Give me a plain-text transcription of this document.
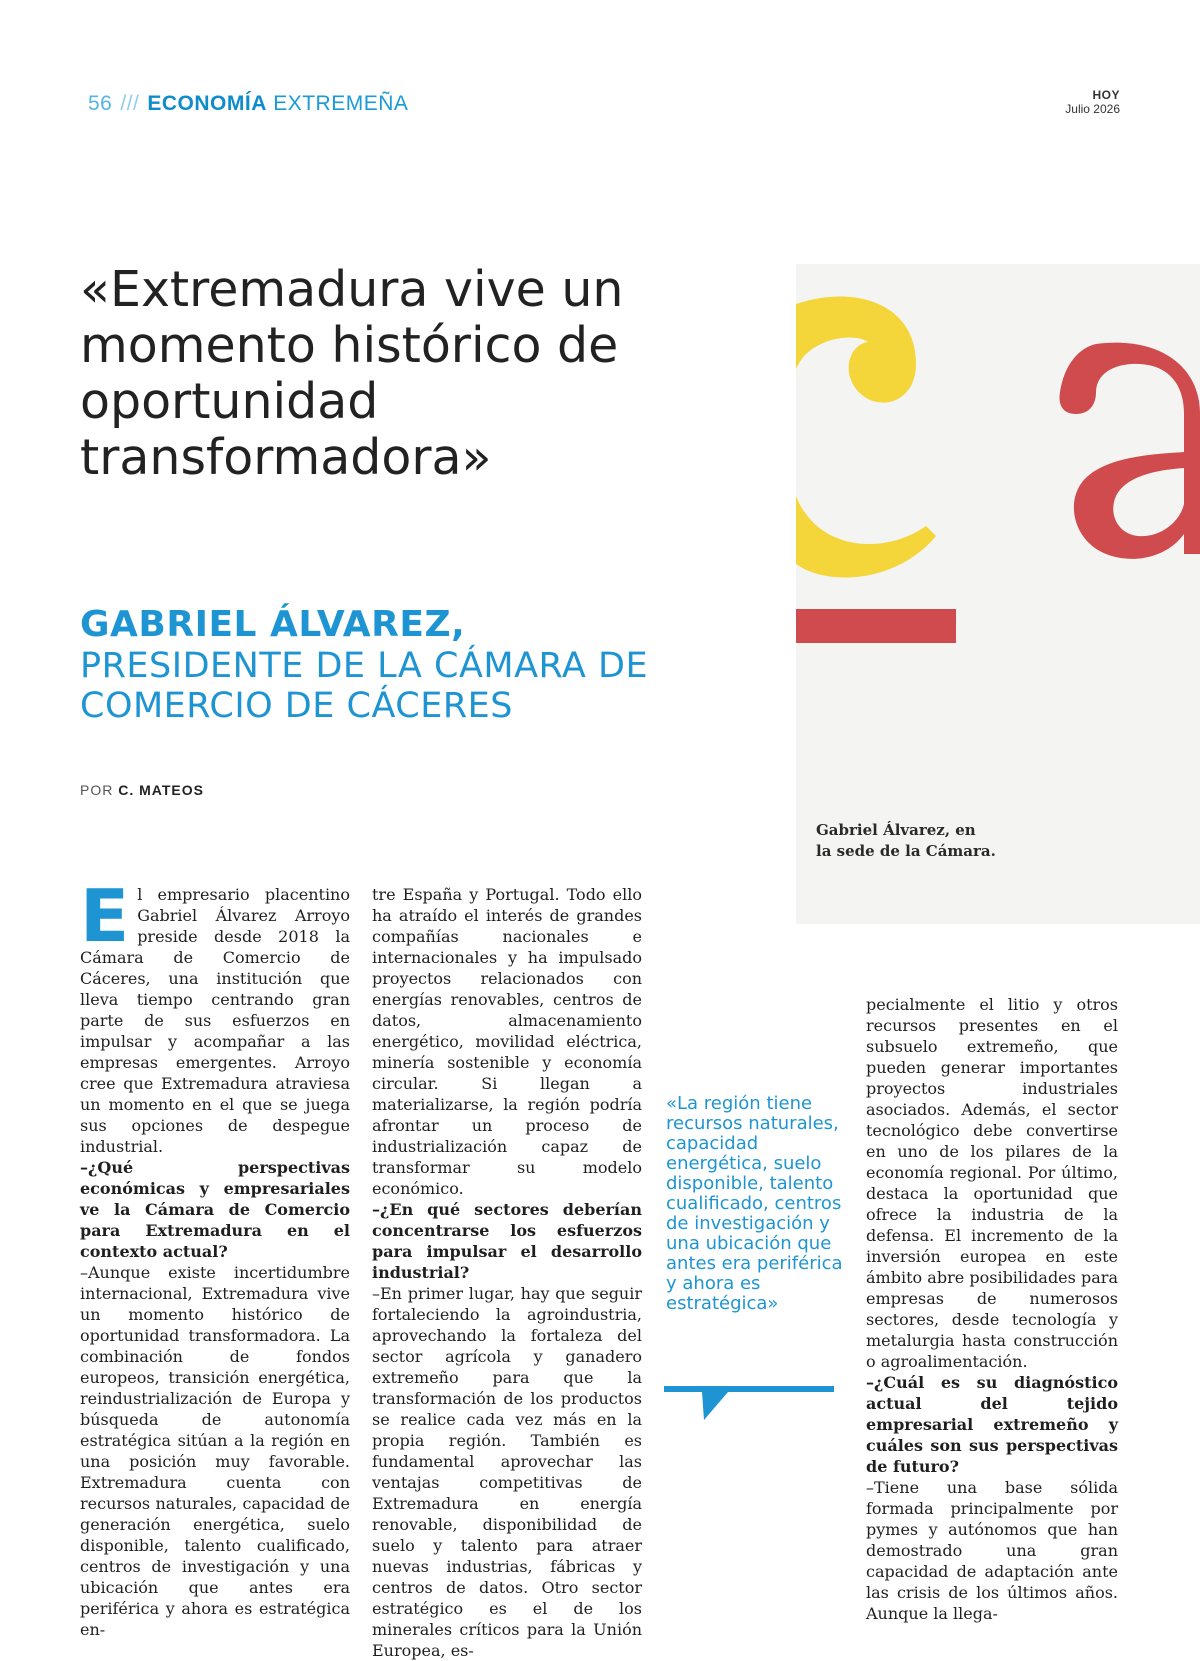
56 /// ECONOMÍA EXTREMEÑA	HOY
Julio 2026
«Extremadura vive un momento histórico de oportunidad transformadora»
GABRIEL ÁLVAREZ,
PRESIDENTE DE LA CÁMARA DE COMERCIO DE CÁCERES
POR C. MATEOS
Gabriel Álvarez, en la sede de la Cámara.
E l empresario placentino Gabriel Álvarez Arroyo preside desde 2018 la Cámara de Comercio de Cáceres, una institución que lleva tiempo centrando gran parte de sus esfuerzos en impulsar y acompañar a las empresas emergentes. Arroyo cree que Extremadura atraviesa un momento en el que se juega sus opciones de despegue industrial.

–¿Qué perspectivas económicas y empresariales ve la Cámara de Comercio para Extremadura en el contexto actual?

–Aunque existe incertidumbre internacional, Extremadura vive un momento histórico de oportunidad transformadora. La combinación de fondos europeos, transición energética, reindustrialización de Europa y búsqueda de autonomía estratégica sitúan a la región en una posición muy favorable. Extremadura cuenta con recursos naturales, capacidad de generación energética, suelo disponible, talento cualificado, centros de investigación y una ubicación que antes era periférica y ahora es estratégica en-

tre España y Portugal. Todo ello ha atraído el interés de grandes compañías nacionales e internacionales y ha impulsado proyectos relacionados con energías renovables, centros de datos, almacenamiento energético, movilidad eléctrica, minería sostenible y economía circular. Si llegan a materializarse, la región podría afrontar un proceso de industrialización capaz de transformar su modelo económico.

–¿En qué sectores deberían concentrarse los esfuerzos para impulsar el desarrollo industrial?

–En primer lugar, hay que seguir fortaleciendo la agroindustria, aprovechando la fortaleza del sector agrícola y ganadero extremeño para que la transformación de los productos se realice cada vez más en la propia región. También es fundamental aprovechar las ventajas competitivas de Extremadura en energía renovable, disponibilidad de suelo y talento para atraer nuevas industrias, fábricas y centros de datos. Otro sector estratégico es el de los minerales críticos para la Unión Europea, es-

«La región tiene recursos naturales, capacidad energética, suelo disponible, talento cualificado, centros de investigación y una ubicación que antes era periférica y ahora es estratégica»

pecialmente el litio y otros recursos presentes en el subsuelo extremeño, que pueden generar importantes proyectos industriales asociados. Además, el sector tecnológico debe convertirse en uno de los pilares de la economía regional. Por último, destaca la oportunidad que ofrece la industria de la defensa. El incremento de la inversión europea en este ámbito abre posibilidades para empresas de numerosos sectores, desde tecnología y metalurgia hasta construcción o agroalimentación.

–¿Cuál es su diagnóstico actual del tejido empresarial extremeño y cuáles son sus perspectivas de futuro?

–Tiene una base sólida formada principalmente por pymes y autónomos que han demostrado una gran capacidad de adaptación ante las crisis de los últimos años. Aunque la llega-
